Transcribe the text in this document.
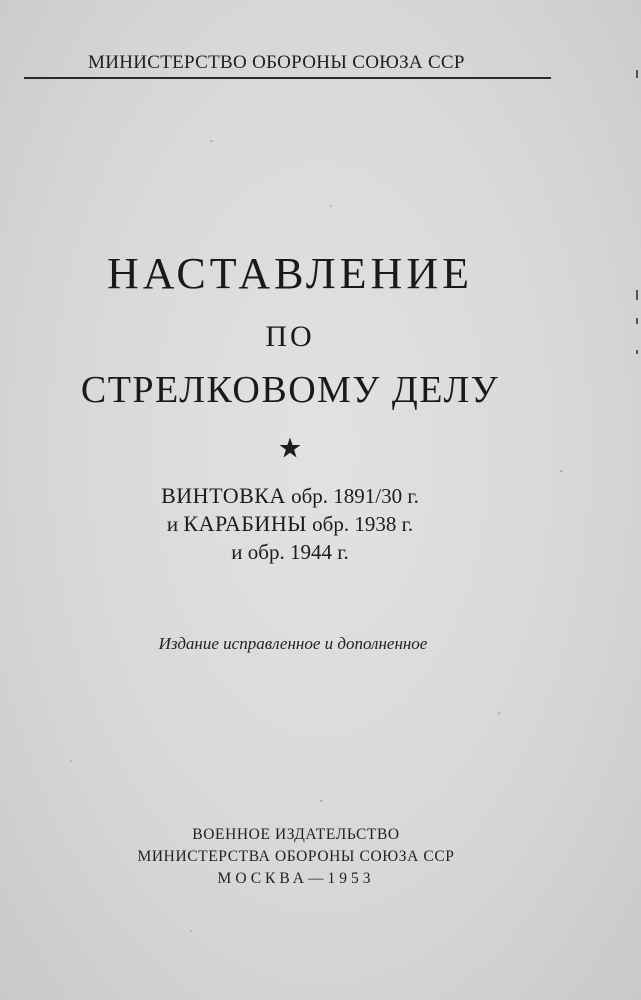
МИНИСТЕРСТВО ОБОРОНЫ СОЮЗА ССР
НАСТАВЛЕНИЕ
ПО
СТРЕЛКОВОМУ ДЕЛУ
ВИНТОВКА обр. 1891/30 г.
и КАРАБИНЫ обр. 1938 г.
и обр. 1944 г.
Издание исправленное и дополненное
ВОЕННОЕ ИЗДАТЕЛЬСТВО
МИНИСТЕРСТВА ОБОРОНЫ СОЮЗА ССР
МОСКВА—1953
